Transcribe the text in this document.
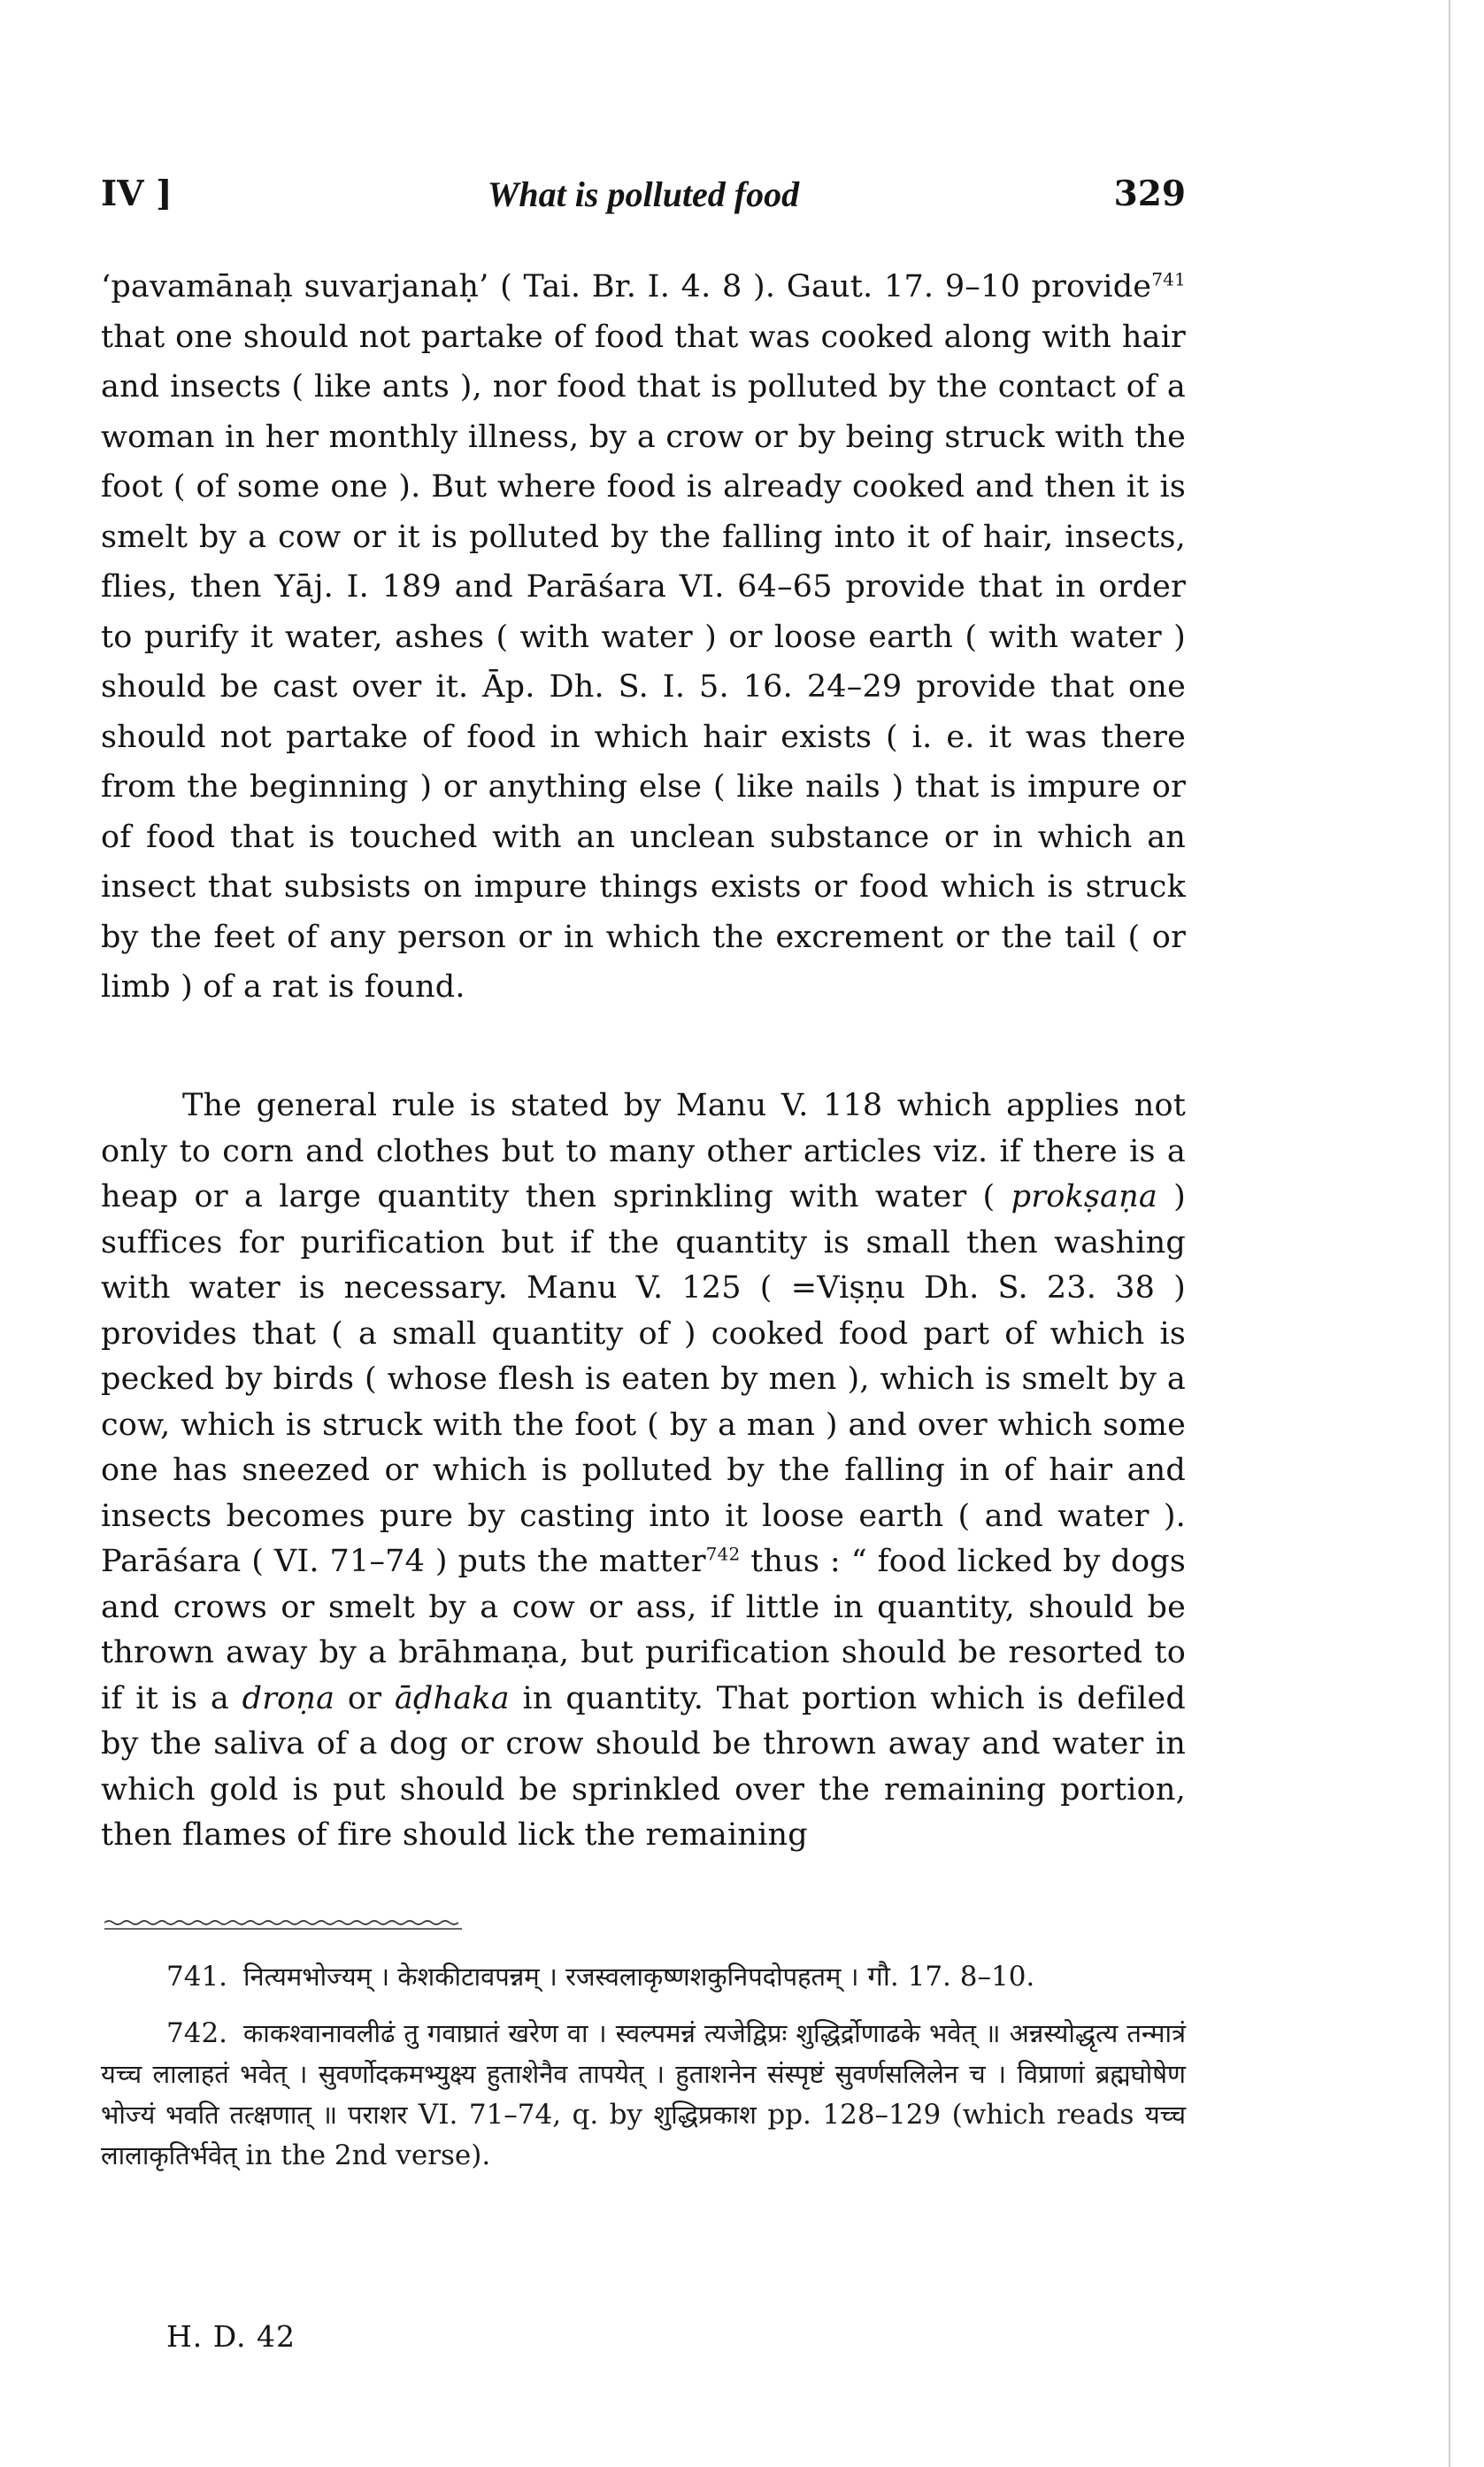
IV ]	What is polluted food	329

‘pavamānaḥ suvarjanaḥ’ ( Tai. Br. I. 4. 8 ). Gaut. 17. 9–10 provide$^{741}$ that one should not partake of food that was cooked along with hair and insects ( like ants ), nor food that is polluted by the contact of a woman in her monthly illness, by a crow or by being struck with the foot ( of some one ). But where food is already cooked and then it is smelt by a cow or it is polluted by the falling into it of hair, insects, flies, then Yāj. I. 189 and Parāśara VI. 64–65 provide that in order to purify it water, ashes ( with water ) or loose earth ( with water ) should be cast over it. Āp. Dh. S. I. 5. 16. 24–29 provide that one should not partake of food in which hair exists ( i. e. it was there from the beginning ) or anything else ( like nails ) that is impure or of food that is touched with an unclean substance or in which an insect that subsists on impure things exists or food which is struck by the feet of any person or in which the excrement or the tail ( or limb ) of a rat is found.

The general rule is stated by Manu V. 118 which applies not only to corn and clothes but to many other articles viz. if there is a heap or a large quantity then sprinkling with water ( prokṣaṇa ) suffices for purification but if the quantity is small then washing with water is necessary. Manu V. 125 ( =Viṣṇu Dh. S. 23. 38 ) provides that ( a small quantity of ) cooked food part of which is pecked by birds ( whose flesh is eaten by men ), which is smelt by a cow, which is struck with the foot ( by a man ) and over which some one has sneezed or which is polluted by the falling in of hair and insects becomes pure by casting into it loose earth ( and water ). Parāśara ( VI. 71–74 ) puts the matter$^{742}$ thus : “ food licked by dogs and crows or smelt by a cow or ass, if little in quantity, should be thrown away by a brāhmaṇa, but purification should be resorted to if it is a droṇa or āḍhaka in quantity. That portion which is defiled by the saliva of a dog or crow should be thrown away and water in which gold is put should be sprinkled over the remaining portion, then flames of fire should lick the remaining

741. नित्यमभोज्यम् । केशकीटावपन्नम् । रजस्वलाकृष्णशकुनिपदोपहतम् । गौ. 17. 8–10.

742. काकश्वानावलीढं तु गवाघ्रातं खरेण वा । स्वल्पमन्नं त्यजेद्विप्रः शुद्धिर्द्रोणाढके भवेत् ॥ अन्नस्योद्धृत्य तन्मात्रं यच्च लालाहतं भवेत् । सुवर्णोदकमभ्युक्ष्य हुताशेनैव तापयेत् । हुताशनेन संस्पृष्टं सुवर्णसलिलेन च । विप्राणां ब्रह्मघोषेण भोज्यं भवति तत्क्षणात् ॥ पराशर VI. 71–74, q. by शुद्धिप्रकाश pp. 128–129 (which reads यच्च लालाकृतिर्भवेत् in the 2nd verse).

H. D. 42
